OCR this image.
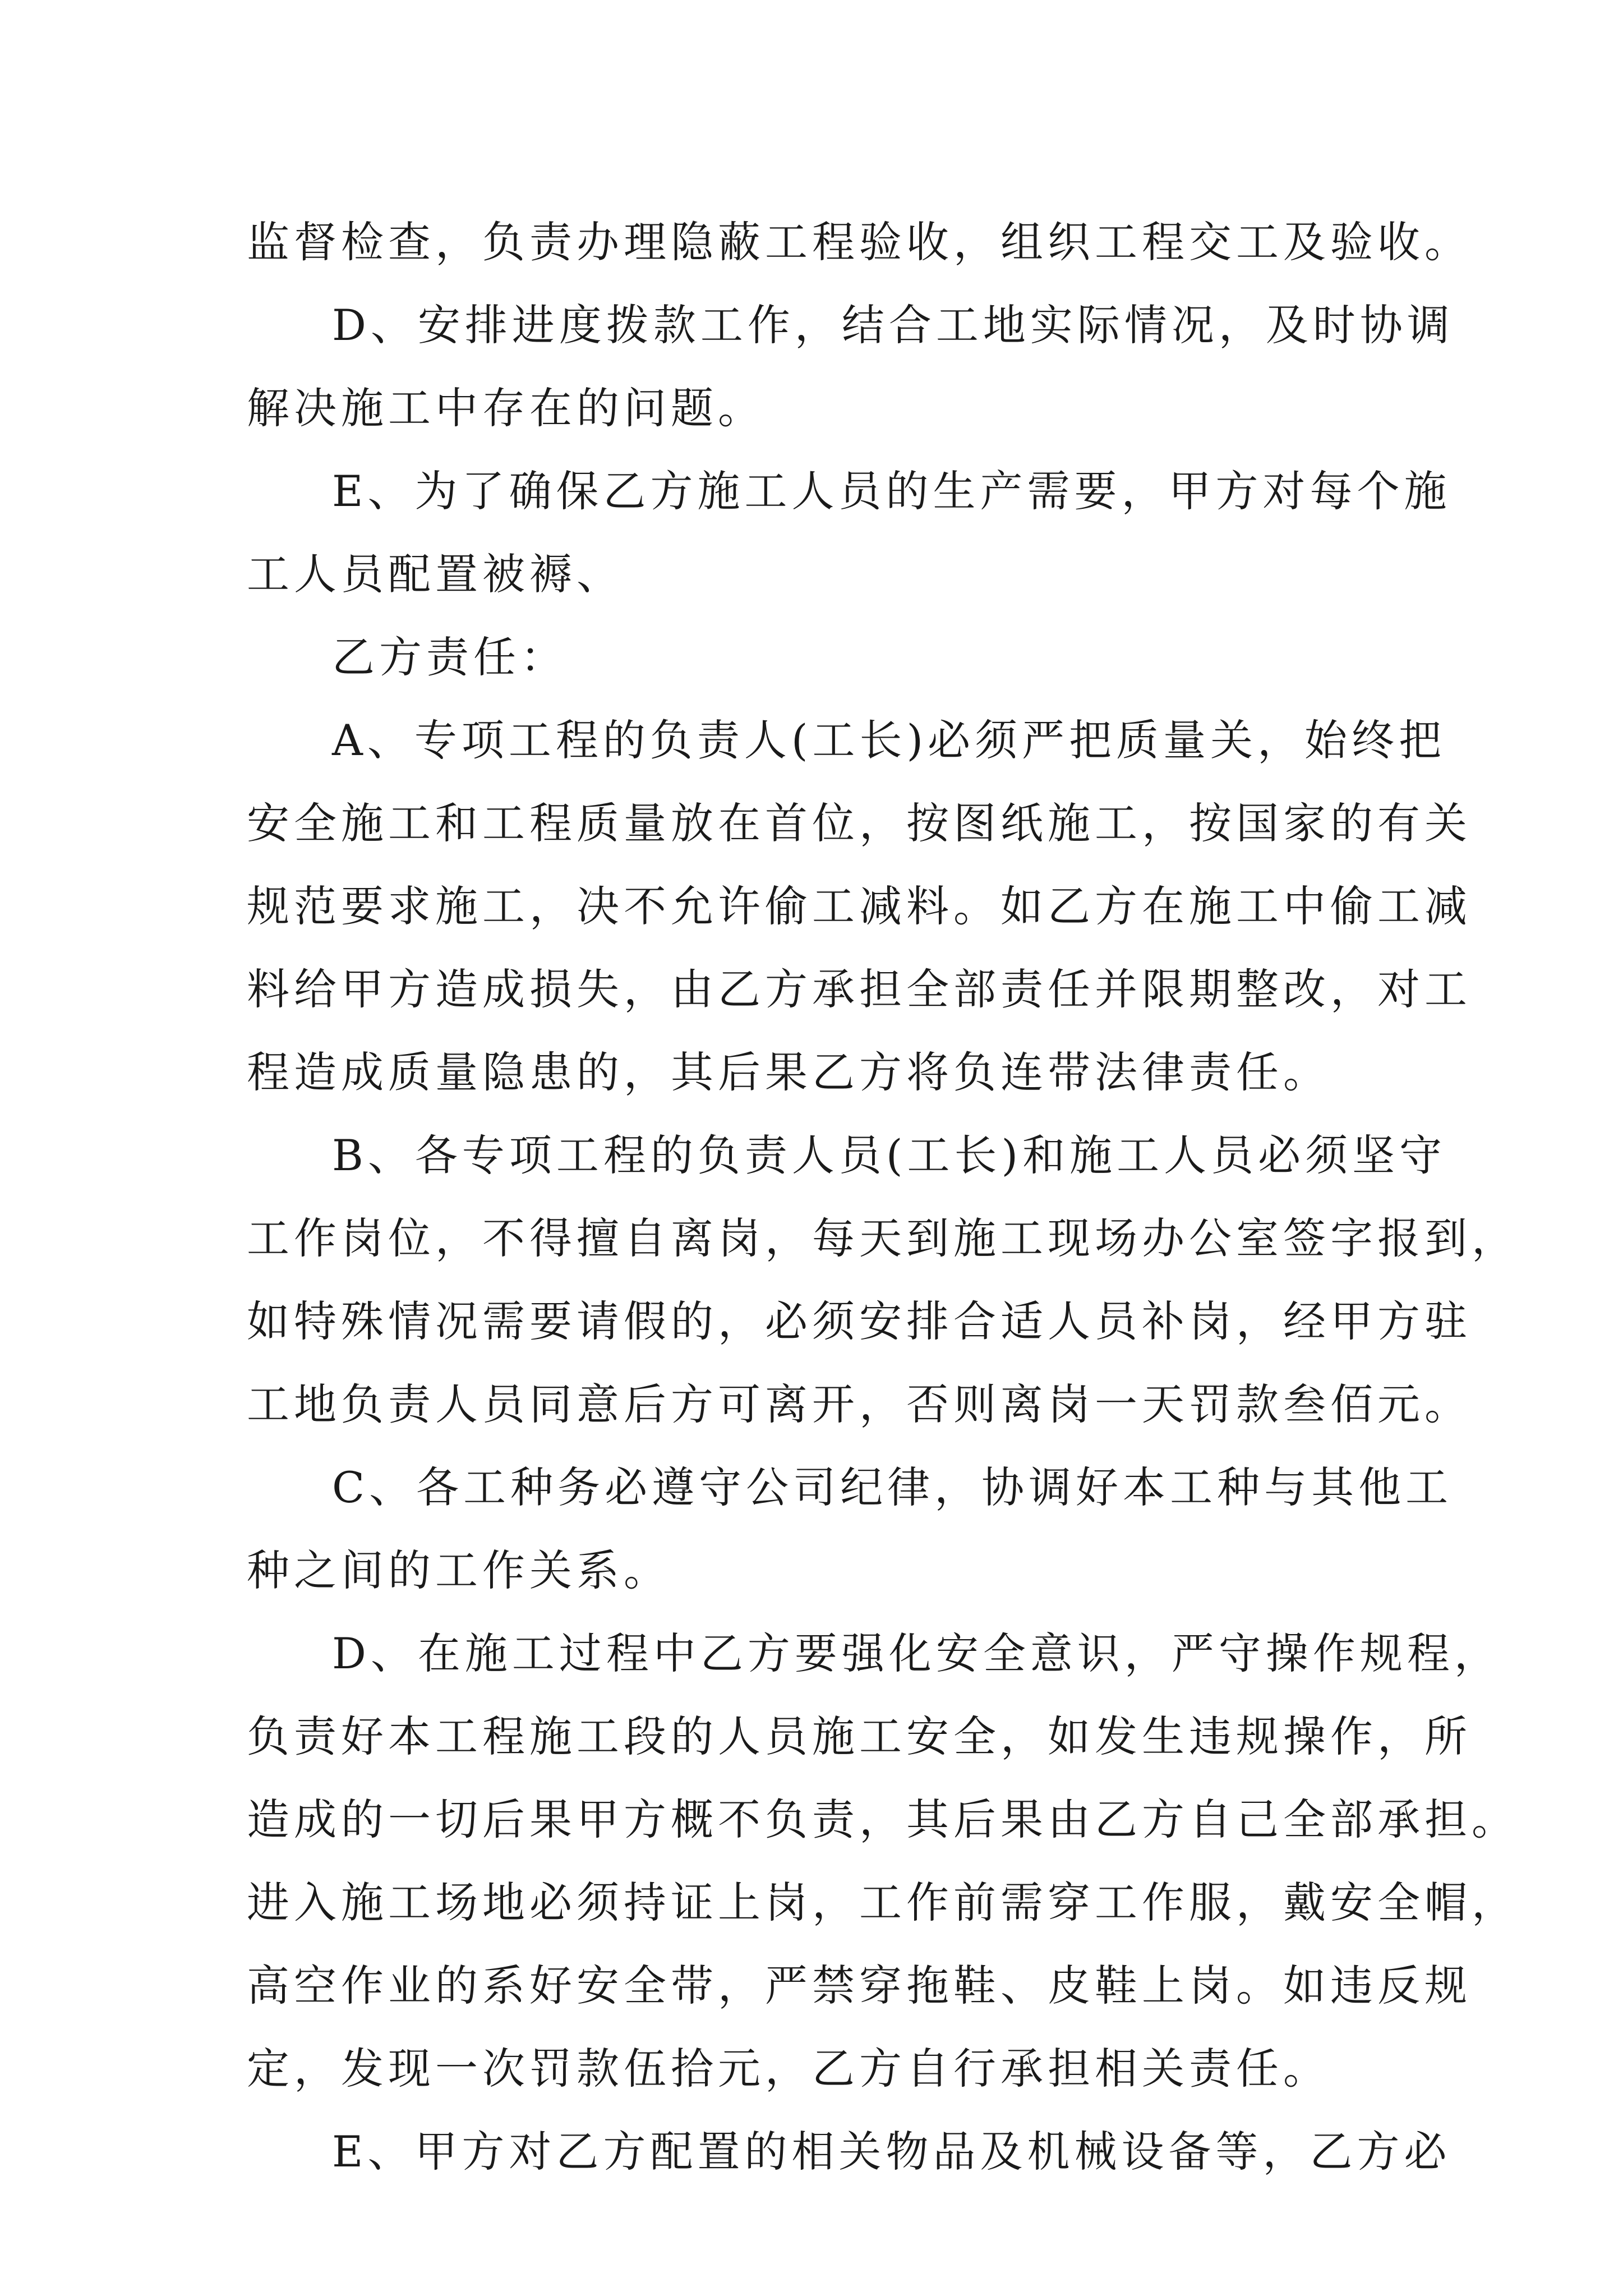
监督检查，负责办理隐蔽工程验收，组织工程交工及验收。
D、安排进度拨款工作，结合工地实际情况，及时协调
解决施工中存在的问题。
E、为了确保乙方施工人员的生产需要，甲方对每个施
工人员配置被褥、
乙方责任：
A、专项工程的负责人(工长)必须严把质量关，始终把
安全施工和工程质量放在首位，按图纸施工，按国家的有关
规范要求施工，决不允许偷工减料。如乙方在施工中偷工减
料给甲方造成损失，由乙方承担全部责任并限期整改，对工
程造成质量隐患的，其后果乙方将负连带法律责任。
B、各专项工程的负责人员(工长)和施工人员必须坚守
工作岗位，不得擅自离岗，每天到施工现场办公室签字报到，
如特殊情况需要请假的，必须安排合适人员补岗，经甲方驻
工地负责人员同意后方可离开，否则离岗一天罚款叁佰元。
C、各工种务必遵守公司纪律，协调好本工种与其他工
种之间的工作关系。
D、在施工过程中乙方要强化安全意识，严守操作规程，
负责好本工程施工段的人员施工安全，如发生违规操作，所
造成的一切后果甲方概不负责，其后果由乙方自己全部承担。
进入施工场地必须持证上岗，工作前需穿工作服，戴安全帽，
高空作业的系好安全带，严禁穿拖鞋、皮鞋上岗。如违反规
定，发现一次罚款伍拾元，乙方自行承担相关责任。
E、甲方对乙方配置的相关物品及机械设备等，乙方必
